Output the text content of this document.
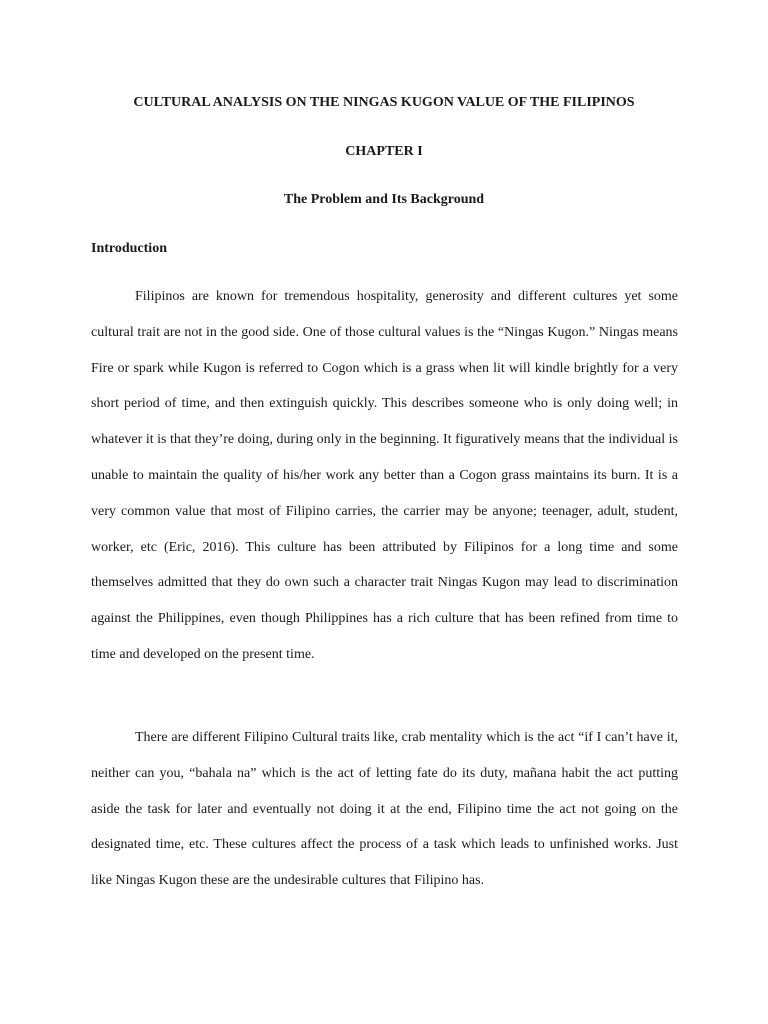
CULTURAL ANALYSIS ON THE NINGAS KUGON VALUE OF THE FILIPINOS
CHAPTER I
The Problem and Its Background
Introduction

Filipinos are known for tremendous hospitality, generosity and different cultures yet some cultural trait are not in the good side. One of those cultural values is the “Ningas Kugon.” Ningas means Fire or spark while Kugon is referred to Cogon which is a grass when lit will kindle brightly for a very short period of time, and then extinguish quickly. This describes someone who is only doing well; in whatever it is that they’re doing, during only in the beginning. It figuratively means that the individual is unable to maintain the quality of his/her work any better than a Cogon grass maintains its burn. It is a very common value that most of Filipino carries, the carrier may be anyone; teenager, adult, student, worker, etc (Eric, 2016). This culture has been attributed by Filipinos for a long time and some themselves admitted that they do own such a character trait Ningas Kugon may lead to discrimination against the Philippines, even though Philippines has a rich culture that has been refined from time to time and developed on the present time.

There are different Filipino Cultural traits like, crab mentality which is the act “if I can’t have it, neither can you, “bahala na” which is the act of letting fate do its duty, mañana habit the act putting aside the task for later and eventually not doing it at the end, Filipino time the act not going on the designated time, etc. These cultures affect the process of a task which leads to unfinished works. Just like Ningas Kugon these are the undesirable cultures that Filipino has.
